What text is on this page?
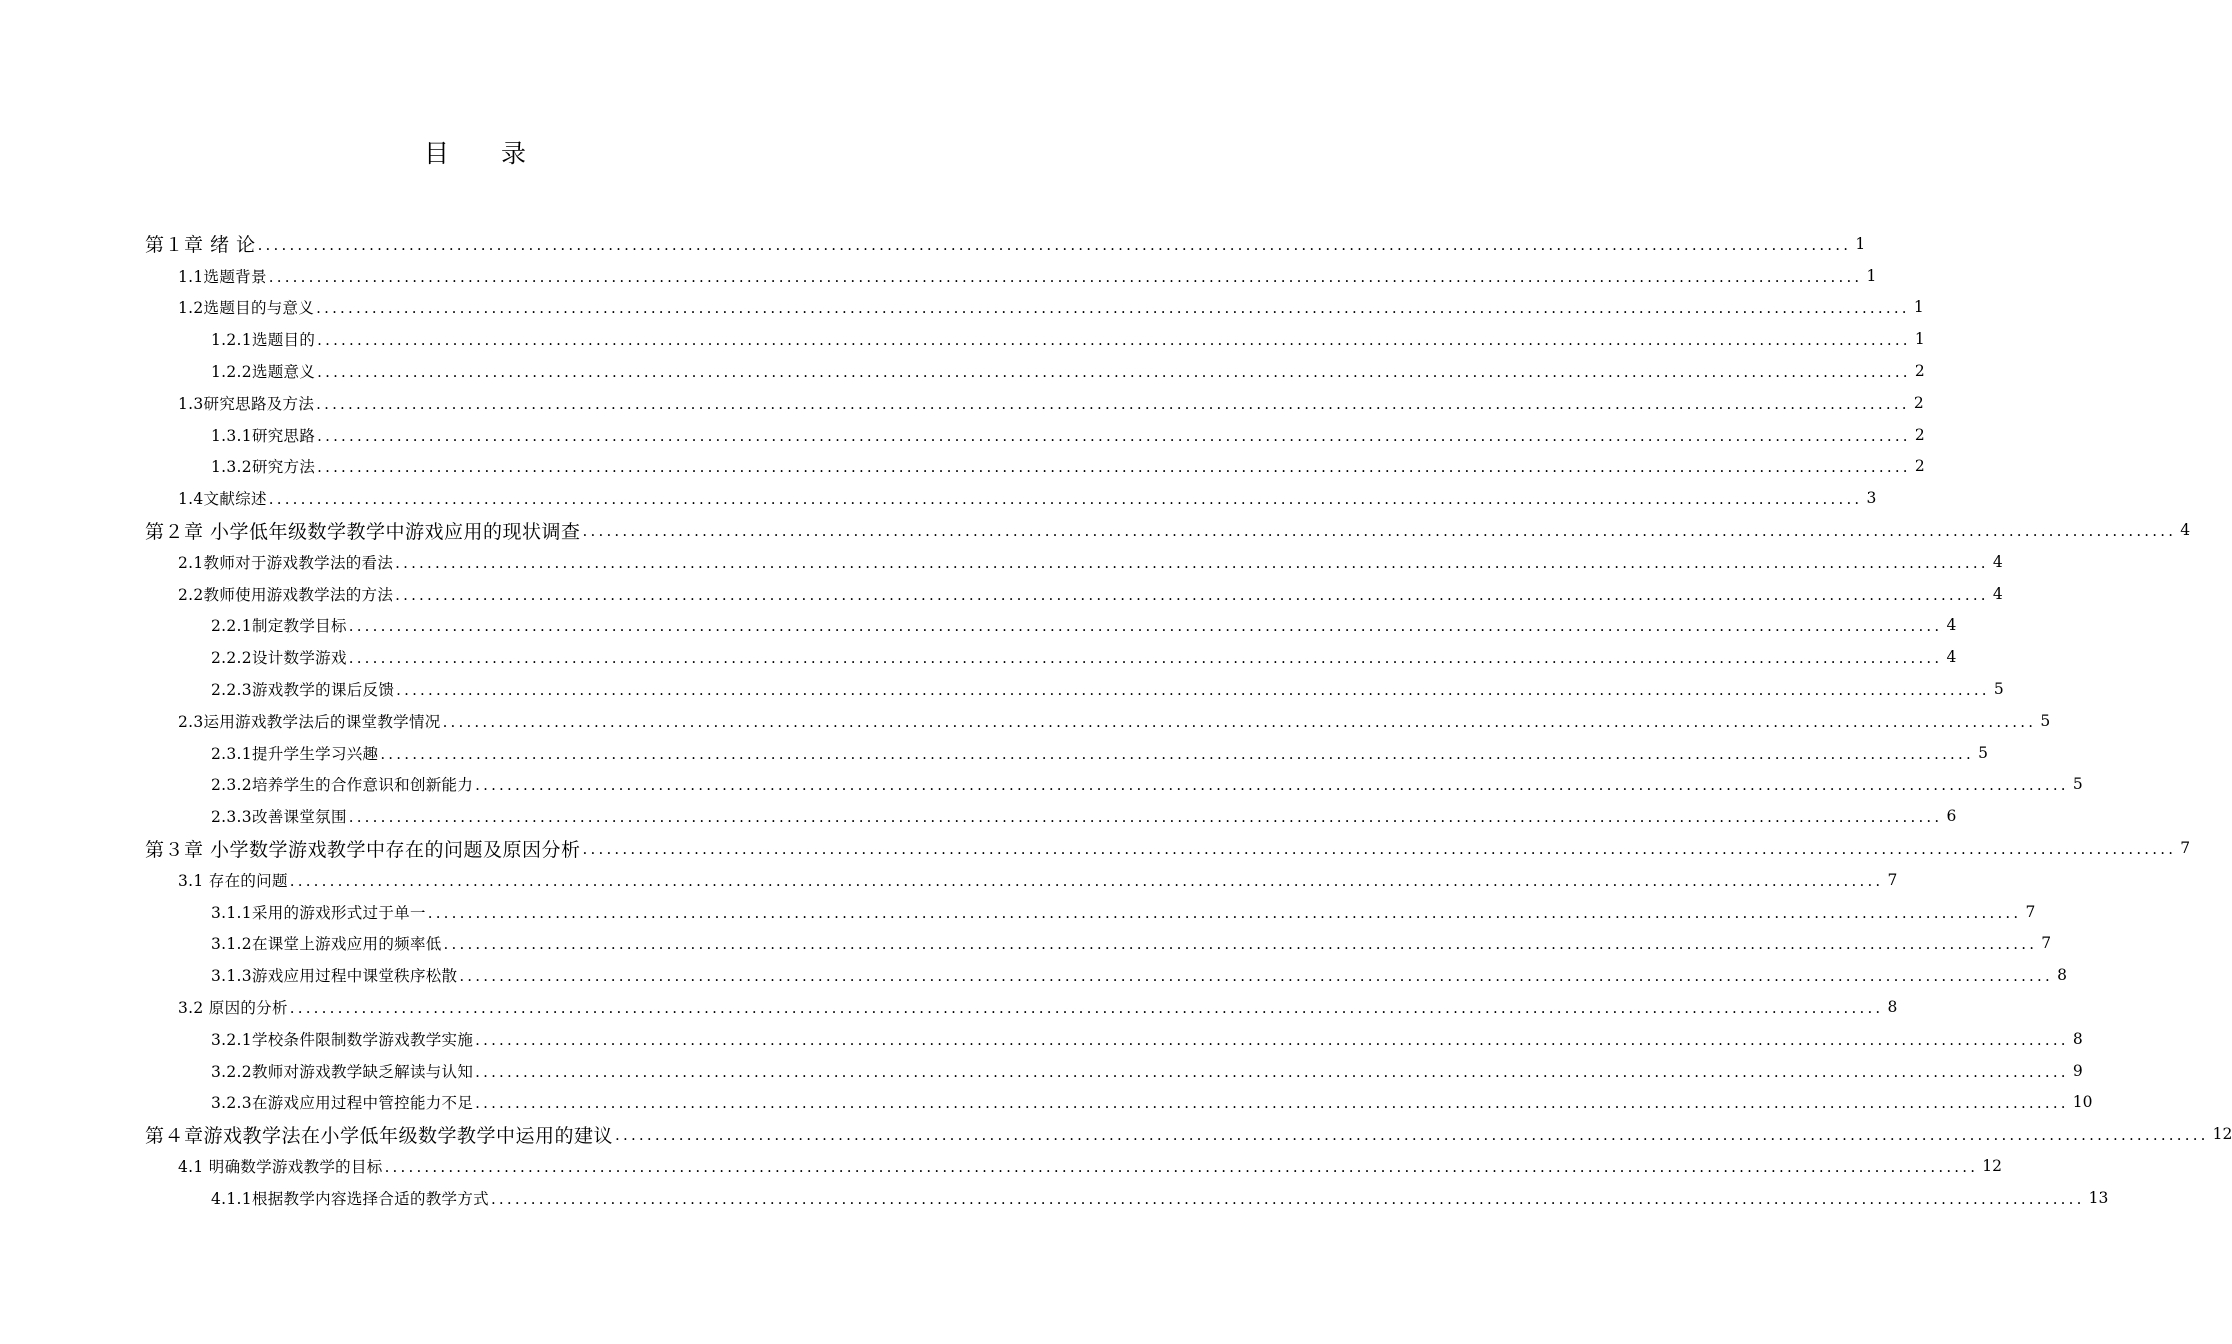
目 录
第１章 绪 论 ........................................................................................................................................................................................................ 1
1.1选题背景 ........................................................................................................................................................................................................ 1
1.2选题目的与意义 ........................................................................................................................................................................................................ 1
1.2.1选题目的 ........................................................................................................................................................................................................ 1
1.2.2选题意义 ........................................................................................................................................................................................................ 2
1.3研究思路及方法 ........................................................................................................................................................................................................ 2
1.3.1研究思路 ........................................................................................................................................................................................................ 2
1.3.2研究方法 ........................................................................................................................................................................................................ 2
1.4文献综述 ........................................................................................................................................................................................................ 3
第２章 小学低年级数学教学中游戏应用的现状调查 ........................................................................................................................................................................................................ 4
2.1教师对于游戏教学法的看法 ........................................................................................................................................................................................................ 4
2.2教师使用游戏教学法的方法 ........................................................................................................................................................................................................ 4
2.2.1制定教学目标 ........................................................................................................................................................................................................ 4
2.2.2设计数学游戏 ........................................................................................................................................................................................................ 4
2.2.3游戏教学的课后反馈 ........................................................................................................................................................................................................ 5
2.3运用游戏教学法后的课堂教学情况 ........................................................................................................................................................................................................ 5
2.3.1提升学生学习兴趣 ........................................................................................................................................................................................................ 5
2.3.2培养学生的合作意识和创新能力 ........................................................................................................................................................................................................ 5
2.3.3改善课堂氛围 ........................................................................................................................................................................................................ 6
第３章 小学数学游戏教学中存在的问题及原因分析 ........................................................................................................................................................................................................ 7
3.1 存在的问题 ........................................................................................................................................................................................................ 7
3.1.1采用的游戏形式过于单一 ........................................................................................................................................................................................................ 7
3.1.2在课堂上游戏应用的频率低 ........................................................................................................................................................................................................ 7
3.1.3游戏应用过程中课堂秩序松散 ........................................................................................................................................................................................................ 8
3.2 原因的分析 ........................................................................................................................................................................................................ 8
3.2.1学校条件限制数学游戏教学实施 ........................................................................................................................................................................................................ 8
3.2.2教师对游戏教学缺乏解读与认知 ........................................................................................................................................................................................................ 9
3.2.3在游戏应用过程中管控能力不足 ........................................................................................................................................................................................................ 10
第４章游戏教学法在小学低年级数学教学中运用的建议 ........................................................................................................................................................................................................ 12
4.1 明确数学游戏教学的目标 ........................................................................................................................................................................................................ 12
4.1.1根据教学内容选择合适的教学方式 ........................................................................................................................................................................................................ 13
